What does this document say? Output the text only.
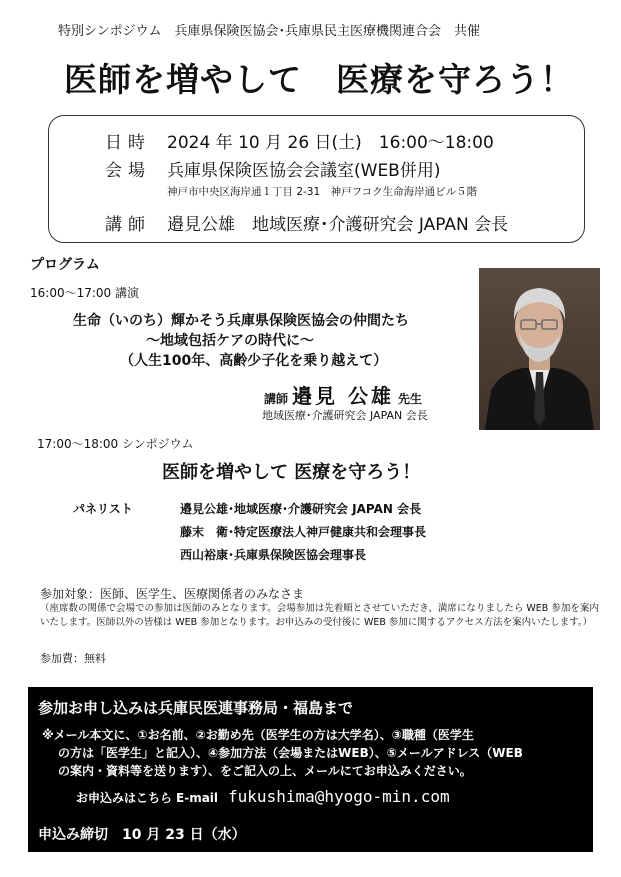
特別シンポジウム　兵庫県保険医協会･兵庫県民主医療機関連合会　共催
医師を増やして　医療を守ろう！
日時 2024 年 10 月 26 日(土)　16:00～18:00
会場 兵庫県保険医協会会議室(WEB併用)
神戸市中央区海岸通１丁目 2-31　神戸フコク生命海岸通ビル５階
講師 邉見公雄　地域医療･介護研究会 JAPAN 会長
プログラム
16:00～17:00 講演
生命（いのち）輝かそう兵庫県保険医協会の仲間たち
～地域包括ケアの時代に～
（人生100年、高齢少子化を乗り越えて）
講師 邉見 公雄 先生
地域医療･介護研究会 JAPAN 会長
17:00～18:00 シンポジウム
医師を増やして 医療を守ろう！
パネリスト	邉見公雄･地域医療･介護研究会 JAPAN 会長
藤末　衛･特定医療法人神戸健康共和会理事長
西山裕康･兵庫県保険医協会理事長
参加対象：医師、医学生、医療関係者のみなさま
（座席数の関係で会場での参加は医師のみとなります。会場参加は先着順とさせていただき、満席になりましたら WEB 参加を案内いたします。医師以外の皆様は WEB 参加となります。お申込みの受付後に WEB 参加に関するアクセス方法を案内いたします。）
参加費：無料
参加お申し込みは兵庫民医連事務局・福島まで
※メール本文に、①お名前、②お勤め先（医学生の方は大学名）、③職種（医学生
の方は「医学生」と記入）、④参加方法（会場またはWEB）、⑤メールアドレス（WEB
の案内・資料等を送ります）、をご記入の上、メールにてお申込みください。
お申込みはこちら E-mail fukushima@hyogo-min.com
申込み締切　10 月 23 日（水）
